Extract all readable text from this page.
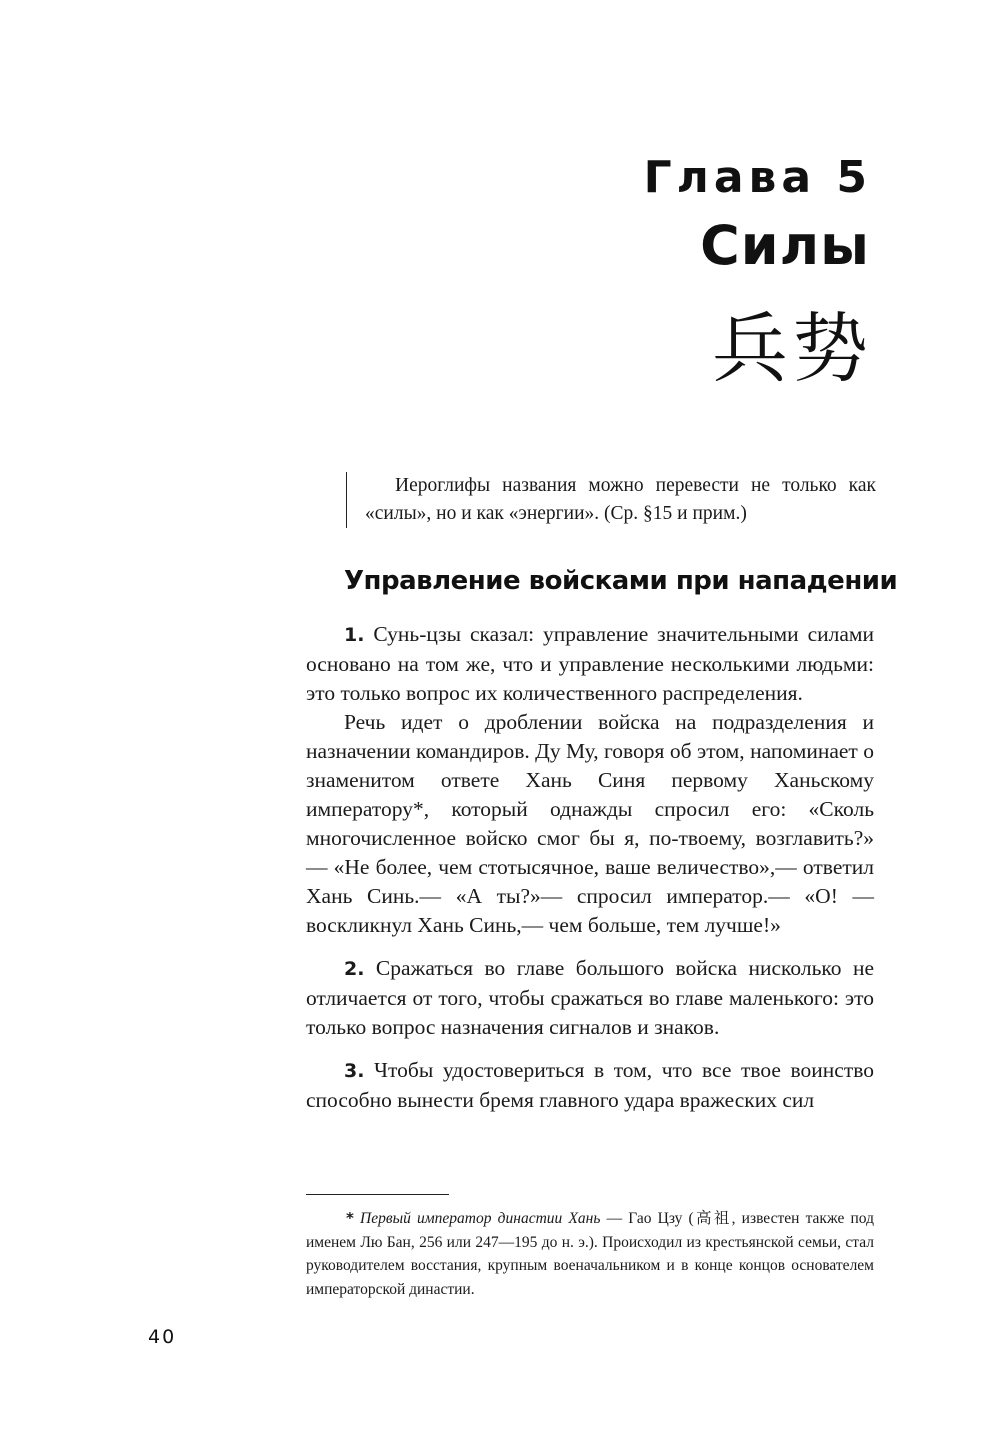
Глава 5
Силы
兵势

Иероглифы названия можно перевести не только как «силы», но и как «энергии». (Ср. §15 и прим.)

Управление войсками при нападении

1. Сунь-цзы сказал: управление значительными силами основано на том же, что и управление несколькими людьми: это только вопрос их количественного распределения.

Речь идет о дроблении войска на подразделения и назначении командиров. Ду Му, говоря об этом, напоминает о знаменитом ответе Хань Синя первому Ханьскому императору*, который однажды спросил его: «Сколь многочисленное войско смог бы я, по-твоему, возглавить?» — «Не более, чем стотысячное, ваше величество»,— ответил Хань Синь.— «А ты?»— спросил император.— «О! — воскликнул Хань Синь,— чем больше, тем лучше!»

2. Сражаться во главе большого войска нисколько не отличается от того, чтобы сражаться во главе маленького: это только вопрос назначения сигналов и знаков.

3. Чтобы удостовериться в том, что все твое воинство способно вынести бремя главного удара вражеских сил

* Первый император династии Хань — Гао Цзу (高祖, известен также под именем Лю Бан, 256 или 247—195 до н. э.). Происходил из крестьянской семьи, стал руководителем восстания, крупным военачальником и в конце концов основателем императорской династии.

40
